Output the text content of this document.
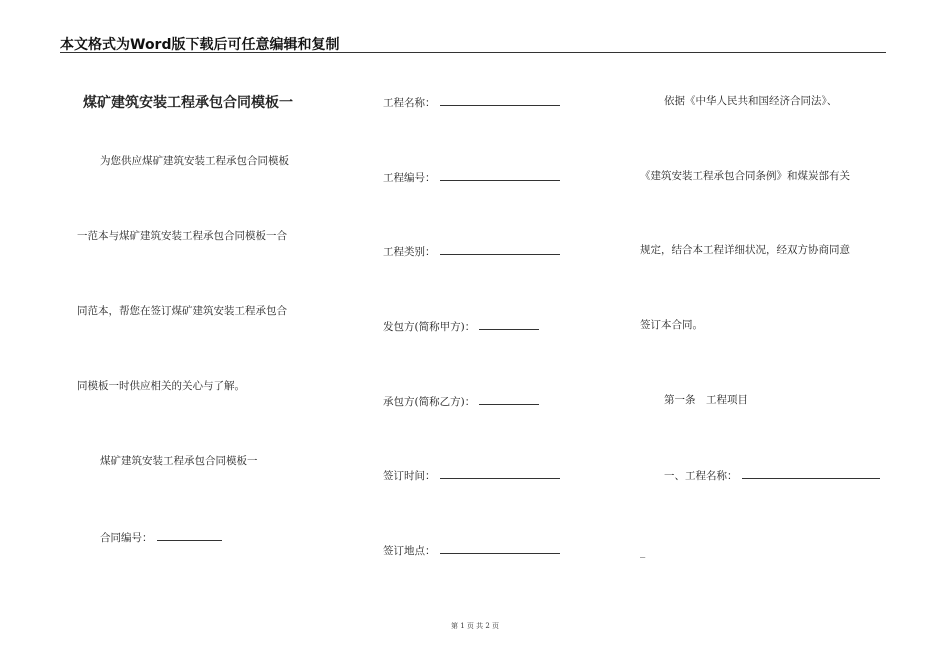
本文格式为Word版下载后可任意编辑和复制
煤矿建筑安装工程承包合同模板一
为您供应煤矿建筑安装工程承包合同模板
一范本与煤矿建筑安装工程承包合同模板一合
同范本，帮您在签订煤矿建筑安装工程承包合
同模板一时供应相关的关心与了解。
煤矿建筑安装工程承包合同模板一
合同编号：
工程名称：
工程编号：
工程类别：
发包方(简称甲方)：
承包方(简称乙方)：
签订时间：
签订地点：
依据《中华人民共和国经济合同法》、
《建筑安装工程承包合同条例》和煤炭部有关
规定，结合本工程详细状况，经双方协商同意
签订本合同。
第一条　工程项目
一、工程名称：
_
第 1 页 共 2 页
